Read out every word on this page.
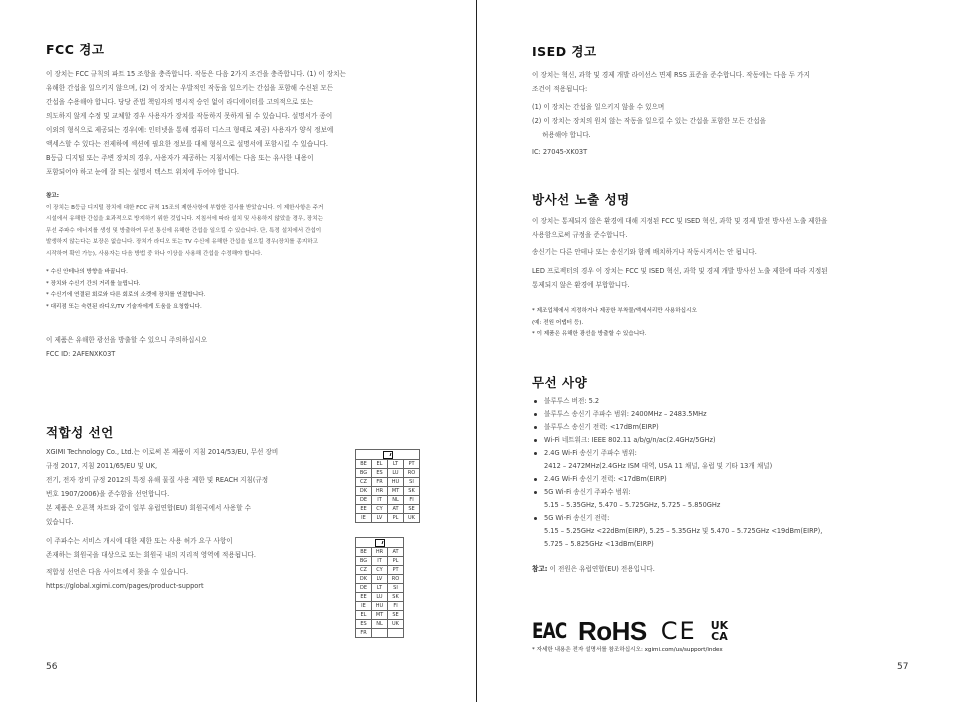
FCC 경고
이 장치는 FCC 규칙의 파트 15 조항을 충족합니다. 작동은 다음 2가지 조건을 충족합니다. (1) 이 장치는
유해한 간섭을 일으키지 않으며, (2) 이 장치는 우발적인 작동을 일으키는 간섭을 포함해 수신된 모든
간섭을 수용해야 합니다. 당당 준법 책임자의 명시적 승인 없이 라디에이터를 고의적으로 또는
의도하지 않게 수정 및 교체할 경우 사용자가 장치를 작동하지 못하게 될 수 있습니다. 설명서가 종이
이외의 형식으로 제공되는 경우(예: 인터넷을 통해 컴퓨터 디스크 형태로 제공) 사용자가 양식 정보에
액세스할 수 있다는 전제하에 섹션에 필요한 정보를 대체 형식으로 설명서에 포함시킬 수 있습니다.
B등급 디지털 또는 주변 장치의 경우, 사용자가 제공하는 지침서에는 다음 또는 유사한 내용이
포함되어야 하고 눈에 잘 띄는 설명서 텍스트 위치에 두어야 합니다.
참고:
이 장치는 B등급 디지털 장치에 대한 FCC 규칙 15조의 제한사항에 부합한 검사를 받았습니다. 이 제한사항은 주거
시설에서 유해한 간섭을 효과적으로 방지하기 위한 것입니다. 지침서에 따라 설치 및 사용하지 않았을 경우, 장치는
무선 주파수 에너지를 생성 및 방출하여 무선 통신에 유해한 간섭을 일으킬 수 있습니다. 단, 특정 설치에서 간섭이
발생하지 않는다는 보장은 없습니다. 장치가 라디오 또는 TV 수신에 유해한 간섭을 일으킬 경우(장치를 종지하고
시작하여 확인 가능), 사용자는 다음 방법 중 하나 이상을 사용해 간섭을 수정해야 합니다.
* 수신 안테나의 방향을 바꿉니다.
* 장치와 수신기 간의 거리를 늘립니다.
* 수신기에 연결된 회로와 다른 회로의 소켓에 장치를 연결합니다.
* 대리점 또는 숙련된 라디오/TV 기술자에게 도움을 요청합니다.
이 제품은 유해한 광선을 방출할 수 있으니 주의하십시오
FCC ID: 2AFENXK03T
적합성 선언
XGIMI Technology Co., Ltd.는 이로써 본 제품이 지침 2014/53/EU, 무선 장비
규정 2017, 지침 2011/65/EU 및 UK,
전기, 전자 장비 규정 2012의 특정 유해 물질 사용 제한 및 REACH 지침(규정
번호 1907/2006)을 준수함을 선언합니다.
본 제품은 오픈책 차트와 같이 일부 유럽연합(EU) 회원국에서 사용할 수
있습니다.
이 주파수는 서비스 개시에 대한 제한 또는 사용 허가 요구 사항이
존재하는 회원국을 대상으로 또는 회원국 내의 지리적 영역에 적용됩니다.
적합성 선언은 다음 사이트에서 찾을 수 있습니다.
https://global.xgimi.com/pages/product-support

BE	EL	LT	PT
BG	ES	LU	RO
CZ	FR	HU	SI
DK	HR	MT	SK
DE	IT	NL	FI
EE	CY	AT	SE
IE	LV	PL	UK

BE	HR	AT
BG	IT	PL
CZ	CY	PT
DK	LV	RO
DE	LT	SI
EE	LU	SK
IE	HU	FI
EL	MT	SE
ES	NL	UK
FR		
56
ISED 경고
이 장치는 혁신, 과학 및 경제 개발 라이선스 면제 RSS 표준을 준수합니다. 작동에는 다음 두 가지
조건이 적용됩니다:
(1) 이 장치는 간섭을 일으키지 않을 수 있으며
(2) 이 장치는 장치의 원치 않는 작동을 일으킬 수 있는 간섭을 포함한 모든 간섭을
허용해야 합니다.
IC: 27045-XK03T
방사선 노출 성명
이 장치는 통제되지 않은 환경에 대해 지정된 FCC 및 ISED 혁신, 과학 및 경제 발전 방사선 노출 제한을
사용함으로써 규정을 준수합니다.
송신기는 다른 안테나 또는 송신기와 함께 배치하거나 작동시켜서는 안 됩니다.
LED 프로젝터의 경우 이 장치는 FCC 및 ISED 혁신, 과학 및 경제 개발 방사선 노출 제한에 따라 지정된
통제되지 않은 환경에 부합합니다.
* 제조업체에서 지정하거나 제공한 부착물/액세서리만 사용하십시오
(예: 전원 어댑터 등).
* 이 제품은 유해한 광선을 방출할 수 있습니다.
무선 사양
블루투스 버전: 5.2
블루투스 송신기 주파수 범위: 2400MHz – 2483.5MHz
블루투스 송신기 전력: <17dBm(EIRP)
Wi-Fi 네트워크: IEEE 802.11 a/b/g/n/ac(2.4GHz/5GHz)
2.4G Wi-Fi 송신기 주파수 범위:
2412 – 2472MHz(2.4GHz ISM 대역, USA 11 채널, 유럽 및 기타 13개 채널)
2.4G Wi-Fi 송신기 전력: <17dBm(EIRP)
5G Wi-Fi 송신기 주파수 범위:
5.15 – 5.35GHz, 5.470 – 5.725GHz, 5.725 – 5.850GHz
5G Wi-Fi 송신기 전력:
5.15 – 5.25GHz <22dBm(EIRP), 5.25 – 5.35GHz 및 5.470 – 5.725GHz <19dBm(EIRP),
5.725 – 5.825GHz <13dBm(EIRP)
참고: 이 전원은 유럽연합(EU) 전용입니다.
EAC RoHS CE UK
CA
* 자세한 내용은 전자 설명서를 참조하십시오: xgimi.com/us/support/index
57
